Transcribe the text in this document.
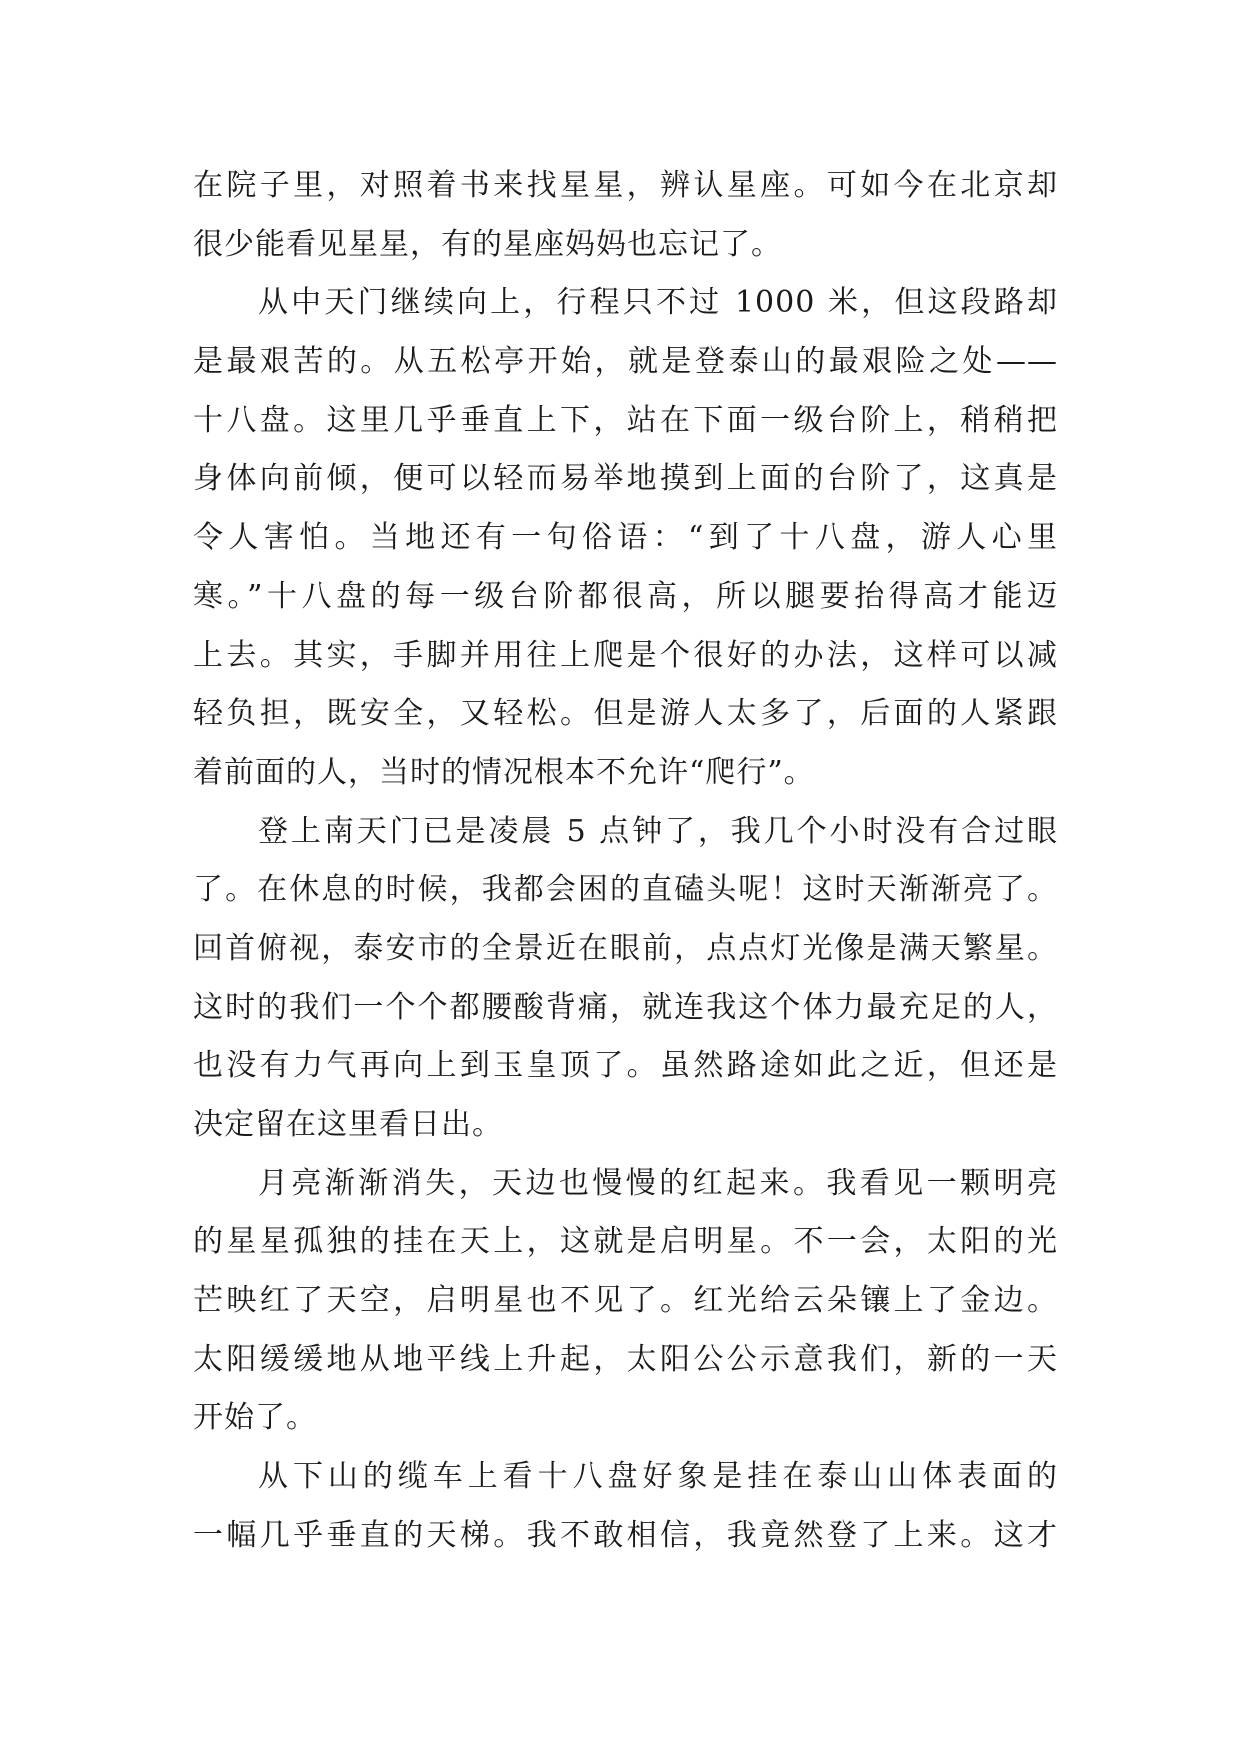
在院子里，对照着书来找星星，辨认星座。可如今在北京却
很少能看见星星，有的星座妈妈也忘记了。
从中天门继续向上，行程只不过 1000 米，但这段路却
是最艰苦的。从五松亭开始，就是登泰山的最艰险之处——
十八盘。这里几乎垂直上下，站在下面一级台阶上，稍稍把
身体向前倾，便可以轻而易举地摸到上面的台阶了，这真是
令人害怕。当地还有一句俗语：“到了十八盘，游人心里
寒。”十八盘的每一级台阶都很高，所以腿要抬得高才能迈
上去。其实，手脚并用往上爬是个很好的办法，这样可以减
轻负担，既安全，又轻松。但是游人太多了，后面的人紧跟
着前面的人，当时的情况根本不允许“爬行”。
登上南天门已是凌晨 5 点钟了，我几个小时没有合过眼
了。在休息的时候，我都会困的直磕头呢！这时天渐渐亮了。
回首俯视，泰安市的全景近在眼前，点点灯光像是满天繁星。
这时的我们一个个都腰酸背痛，就连我这个体力最充足的人，
也没有力气再向上到玉皇顶了。虽然路途如此之近，但还是
决定留在这里看日出。
月亮渐渐消失，天边也慢慢的红起来。我看见一颗明亮
的星星孤独的挂在天上，这就是启明星。不一会，太阳的光
芒映红了天空，启明星也不见了。红光给云朵镶上了金边。
太阳缓缓地从地平线上升起，太阳公公示意我们，新的一天
开始了。
从下山的缆车上看十八盘好象是挂在泰山山体表面的
一幅几乎垂直的天梯。我不敢相信，我竟然登了上来。这才
